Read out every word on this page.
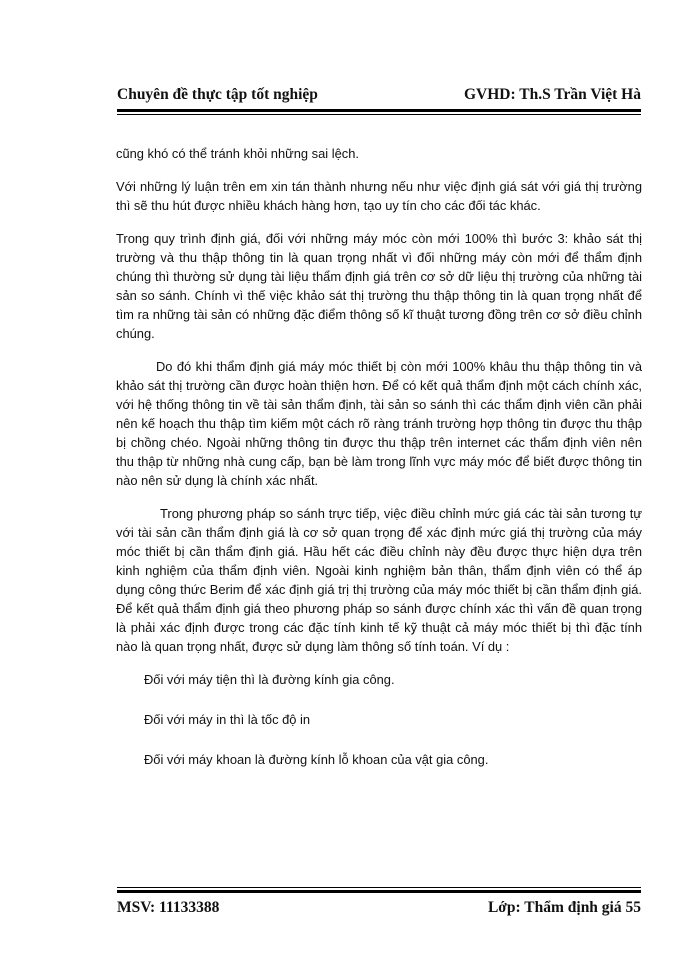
Chuyên đề thực tập tốt nghiệp	GVHD: Th.S Trần Việt Hà

cũng khó có thể tránh khỏi những sai lệch.

Với những lý luận trên em xin tán thành nhưng nếu như việc định giá sát với giá thị trường thì sẽ thu hút được nhiều khách hàng hơn, tạo uy tín cho các đối tác khác.

Trong quy trình định giá, đối với những máy móc còn mới 100% thì bước 3: khảo sát thị trường và thu thập thông tin là quan trọng nhất vì đối những máy còn mới để thẩm định chúng thì thường sử dụng tài liệu thẩm định giá trên cơ sở dữ liệu thị trường của những tài sản so sánh. Chính vì thế việc khảo sát thị trường thu thập thông tin là quan trọng nhất để tìm ra những tài sản có những đặc điểm thông số kĩ thuật tương đồng trên cơ sở điều chỉnh chúng.

Do đó khi thẩm định giá máy móc thiết bị còn mới 100% khâu thu thập thông tin và khảo sát thị trường cần được hoàn thiện hơn. Để có kết quả thẩm định một cách chính xác, với hệ thống thông tin về tài sản thẩm định, tài sản so sánh thì các thẩm định viên cần phải nên kế hoạch thu thập tìm kiếm một cách rõ ràng tránh trường hợp thông tin được thu thập bị chồng chéo. Ngoài những thông tin được thu thập trên internet các thẩm định viên nên thu thập từ những nhà cung cấp, bạn bè làm trong lĩnh vực máy móc để biết được thông tin nào nên sử dụng là chính xác nhất.

Trong phương pháp so sánh trực tiếp, việc điều chỉnh mức giá các tài sản tương tự với tài sản cần thẩm định giá là cơ sở quan trọng để xác định mức giá thị trường của máy móc thiết bị cần thẩm định giá. Hầu hết các điều chỉnh này đều được thực hiện dựa trên kinh nghiệm của thẩm định viên. Ngoài kinh nghiệm bản thân, thẩm định viên có thể áp dụng công thức Berim để xác định giá trị thị trường của máy móc thiết bị cần thẩm định giá. Để kết quả thẩm định giá theo phương pháp so sánh được chính xác thì vấn đề quan trọng là phải xác định được trong các đặc tính kinh tế kỹ thuật cả máy móc thiết bị thì đặc tính nào là quan trọng nhất, được sử dụng làm thông số tính toán. Ví dụ :

Đối với máy tiện thì là đường kính gia công.

Đối với máy in thì là tốc độ in

Đối với máy khoan là đường kính lỗ khoan của vật gia công.

MSV: 11133388	Lớp: Thẩm định giá 55
